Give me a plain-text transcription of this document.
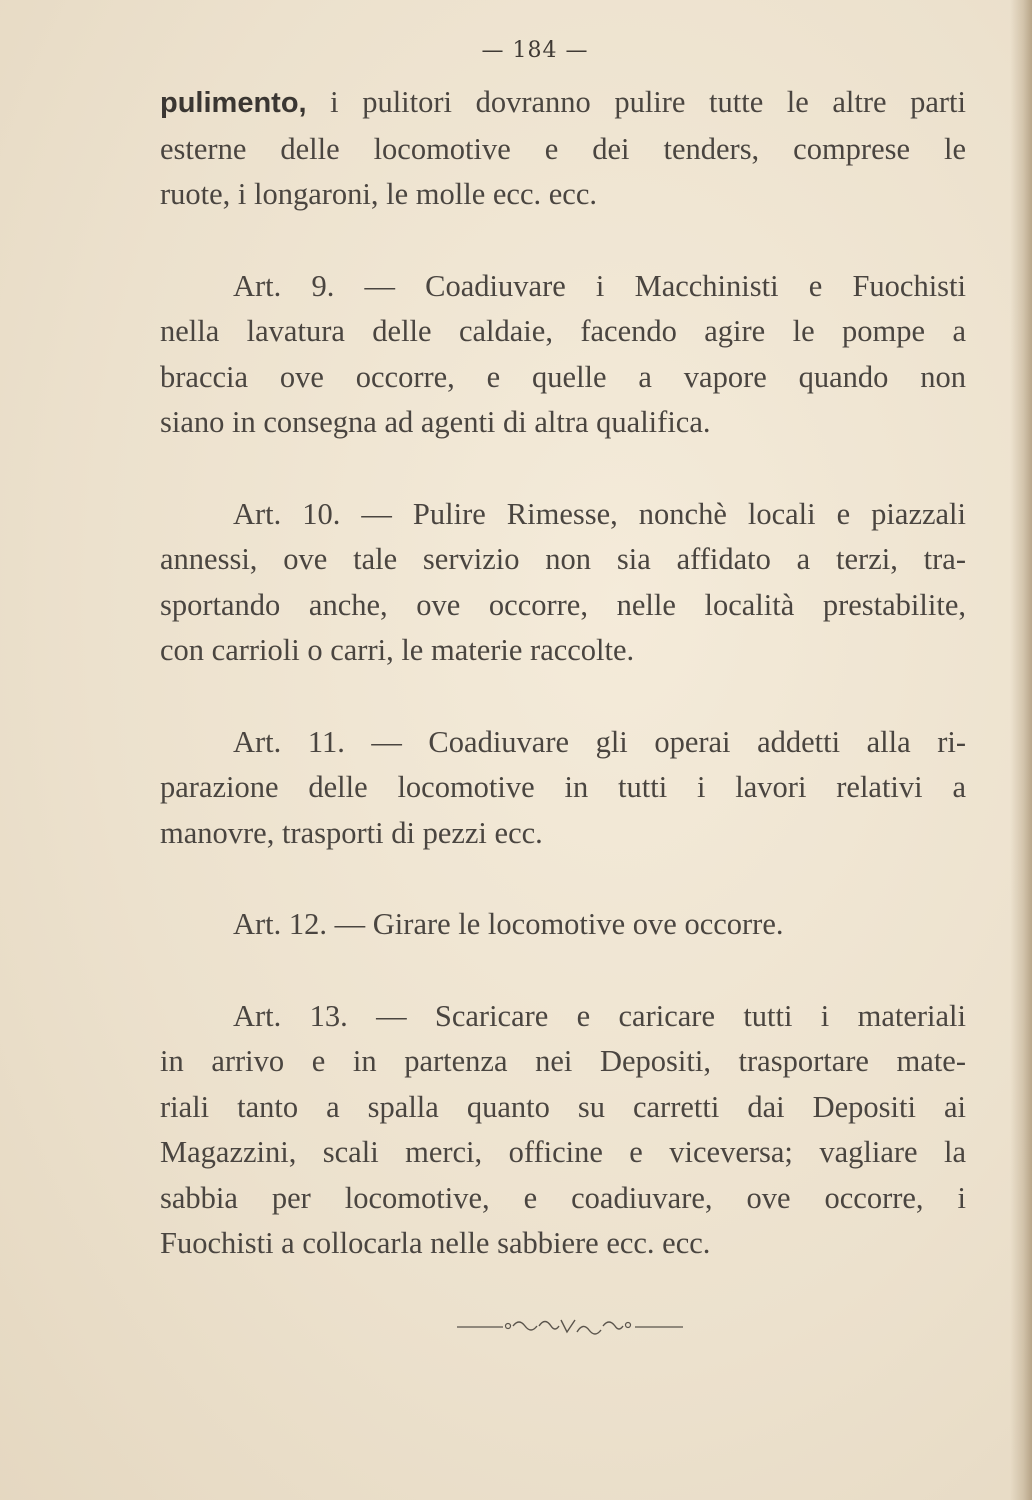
— 184 —
pulimento, i pulitori dovranno pulire tutte le altre parti
esterne delle locomotive e dei tenders, comprese le
ruote, i longaroni, le molle ecc. ecc.
Art. 9. — Coadiuvare i Macchinisti e Fuochisti
nella lavatura delle caldaie, facendo agire le pompe a
braccia ove occorre, e quelle a vapore quando non
siano in consegna ad agenti di altra qualifica.
Art. 10. — Pulire Rimesse, nonchè locali e piazzali
annessi, ove tale servizio non sia affidato a terzi, tra-
sportando anche, ove occorre, nelle località prestabilite,
con carrioli o carri, le materie raccolte.
Art. 11. — Coadiuvare gli operai addetti alla ri-
parazione delle locomotive in tutti i lavori relativi a
manovre, trasporti di pezzi ecc.
Art. 12. — Girare le locomotive ove occorre.
Art. 13. — Scaricare e caricare tutti i materiali
in arrivo e in partenza nei Depositi, trasportare mate-
riali tanto a spalla quanto su carretti dai Depositi ai
Magazzini, scali merci, officine e viceversa; vagliare la
sabbia per locomotive, e coadiuvare, ove occorre, i
Fuochisti a collocarla nelle sabbiere ecc. ecc.
